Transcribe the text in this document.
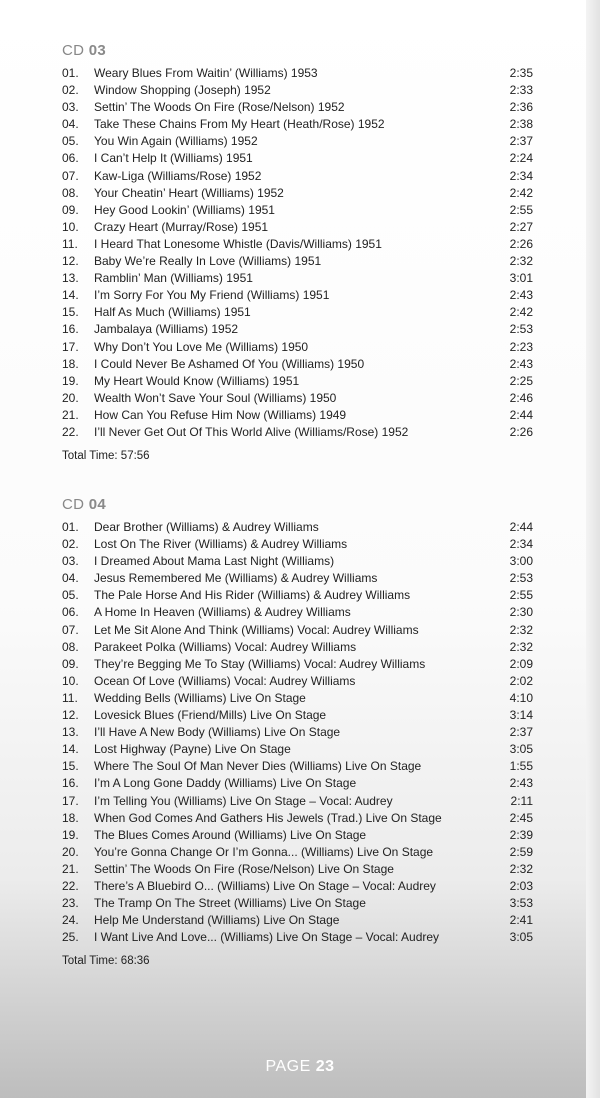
CD 03
01.	Weary Blues From Waitin’ (Williams) 1953	2:35
02.	Window Shopping (Joseph) 1952	2:33
03.	Settin’ The Woods On Fire (Rose/Nelson) 1952	2:36
04.	Take These Chains From My Heart (Heath/Rose) 1952	2:38
05.	You Win Again (Williams) 1952	2:37
06.	I Can’t Help It (Williams) 1951	2:24
07.	Kaw-Liga (Williams/Rose) 1952	2:34
08.	Your Cheatin’ Heart (Williams) 1952	2:42
09.	Hey Good Lookin’ (Williams) 1951	2:55
10.	Crazy Heart (Murray/Rose) 1951	2:27
11.	I Heard That Lonesome Whistle (Davis/Williams) 1951	2:26
12.	Baby We’re Really In Love (Williams) 1951	2:32
13.	Ramblin’ Man (Williams) 1951	3:01
14.	I’m Sorry For You My Friend (Williams) 1951	2:43
15.	Half As Much (Williams) 1951	2:42
16.	Jambalaya (Williams) 1952	2:53
17.	Why Don’t You Love Me (Williams) 1950	2:23
18.	I Could Never Be Ashamed Of You (Williams) 1950	2:43
19.	My Heart Would Know (Williams) 1951	2:25
20.	Wealth Won’t Save Your Soul (Williams) 1950	2:46
21.	How Can You Refuse Him Now (Williams) 1949	2:44
22.	I’ll Never Get Out Of This World Alive (Williams/Rose) 1952	2:26
Total Time: 57:56
CD 04
01.	Dear Brother (Williams) & Audrey Williams	2:44
02.	Lost On The River (Williams) & Audrey Williams	2:34
03.	I Dreamed About Mama Last Night (Williams)	3:00
04.	Jesus Remembered Me (Williams) & Audrey Williams	2:53
05.	The Pale Horse And His Rider (Williams) & Audrey Williams	2:55
06.	A Home In Heaven (Williams) & Audrey Williams	2:30
07.	Let Me Sit Alone And Think (Williams) Vocal: Audrey Williams	2:32
08.	Parakeet Polka (Williams) Vocal: Audrey Williams	2:32
09.	They’re Begging Me To Stay (Williams) Vocal: Audrey Williams	2:09
10.	Ocean Of Love (Williams) Vocal: Audrey Williams	2:02
11.	Wedding Bells (Williams) Live On Stage	4:10
12.	Lovesick Blues (Friend/Mills) Live On Stage	3:14
13.	I’ll Have A New Body (Williams) Live On Stage	2:37
14.	Lost Highway (Payne) Live On Stage	3:05
15.	Where The Soul Of Man Never Dies (Williams) Live On Stage	1:55
16.	I’m A Long Gone Daddy (Williams) Live On Stage	2:43
17.	I’m Telling You (Williams) Live On Stage – Vocal: Audrey	2:11
18.	When God Comes And Gathers His Jewels (Trad.) Live On Stage	2:45
19.	The Blues Comes Around (Williams) Live On Stage	2:39
20.	You’re Gonna Change Or I’m Gonna... (Williams) Live On Stage	2:59
21.	Settin’ The Woods On Fire (Rose/Nelson) Live On Stage	2:32
22.	There’s A Bluebird O... (Williams) Live On Stage – Vocal: Audrey	2:03
23.	The Tramp On The Street (Williams) Live On Stage	3:53
24.	Help Me Understand (Williams) Live On Stage	2:41
25.	I Want Live And Love... (Williams) Live On Stage – Vocal: Audrey	3:05
Total Time: 68:36
PAGE 23
